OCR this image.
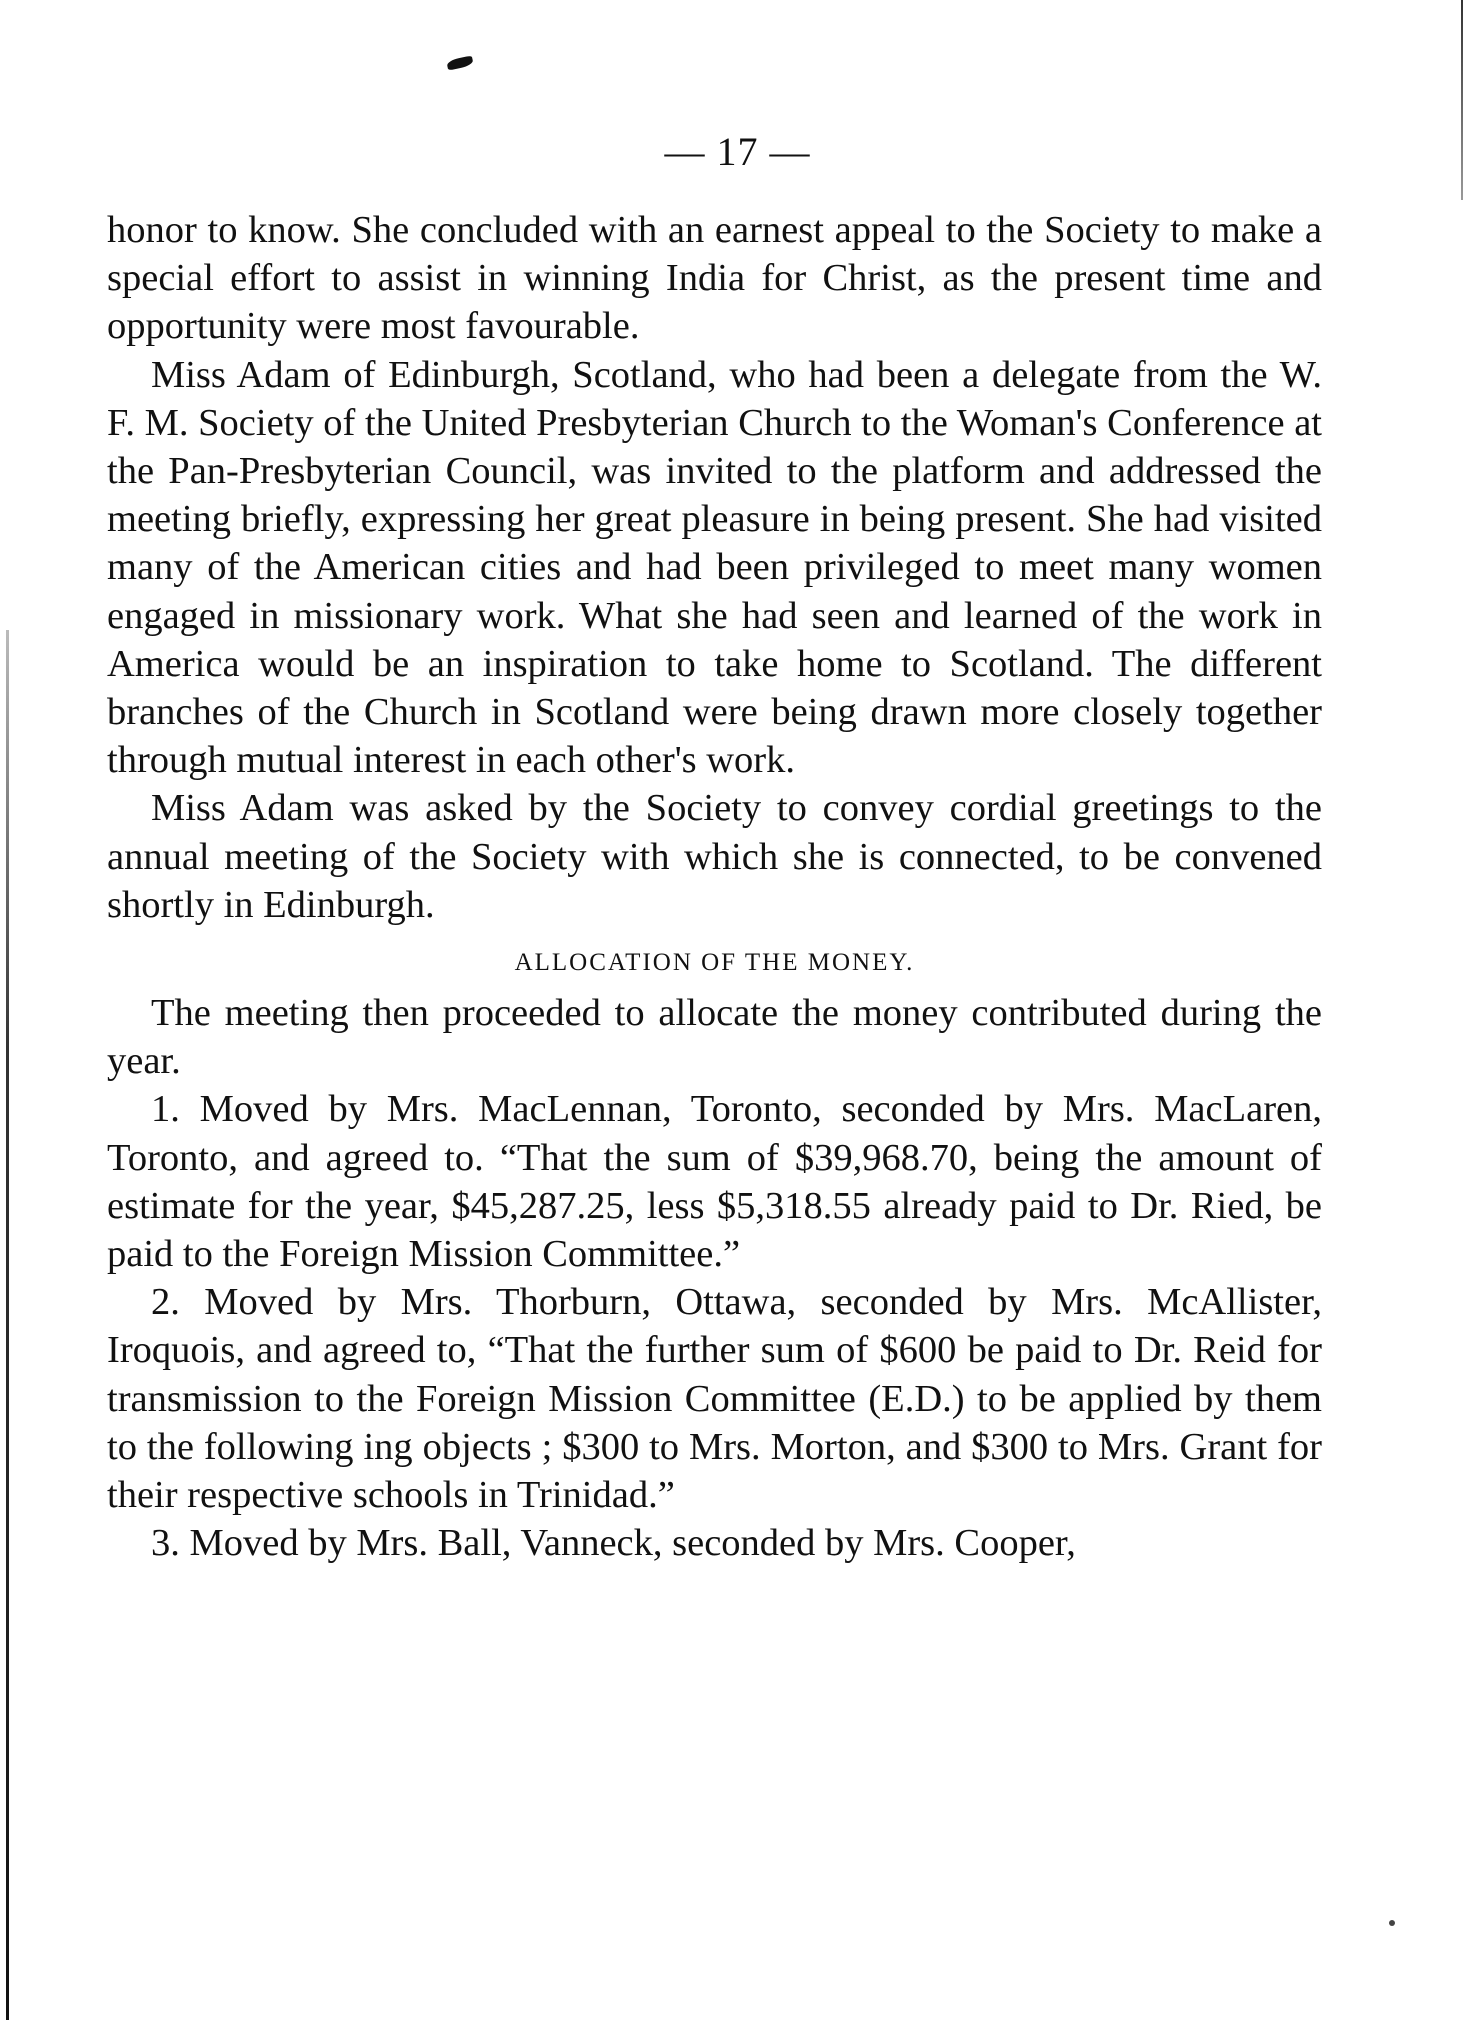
— 17 —

honor to know. She concluded with an earnest appeal to the Society to make a special effort to assist in winning India for Christ, as the present time and opportunity were most favourable.

Miss Adam of Edinburgh, Scotland, who had been a delegate from the W. F. M. Society of the United Presbyterian Church to the Woman's Conference at the Pan-Presbyterian Council, was invited to the platform and addressed the meeting briefly, expressing her great pleasure in being present. She had visited many of the American cities and had been privileged to meet many women engaged in missionary work. What she had seen and learned of the work in America would be an inspiration to take home to Scotland. The different branches of the Church in Scotland were being drawn more closely together through mutual interest in each other's work.

Miss Adam was asked by the Society to convey cordial greetings to the annual meeting of the Society with which she is connected, to be convened shortly in Edinburgh.

ALLOCATION OF THE MONEY.

The meeting then proceeded to allocate the money contributed during the year.

1. Moved by Mrs. MacLennan, Toronto, seconded by Mrs. MacLaren, Toronto, and agreed to. “That the sum of $39,968.70, being the amount of estimate for the year, $45,287.25, less $5,318.55 already paid to Dr. Ried, be paid to the Foreign Mission Committee.”

2. Moved by Mrs. Thorburn, Ottawa, seconded by Mrs. McAllister, Iroquois, and agreed to, “That the further sum of $600 be paid to Dr. Reid for transmission to the Foreign Mission Committee (E.D.) to be applied by them to the following ing objects ; $300 to Mrs. Morton, and $300 to Mrs. Grant for their respective schools in Trinidad.”

3. Moved by Mrs. Ball, Vanneck, seconded by Mrs. Cooper,
